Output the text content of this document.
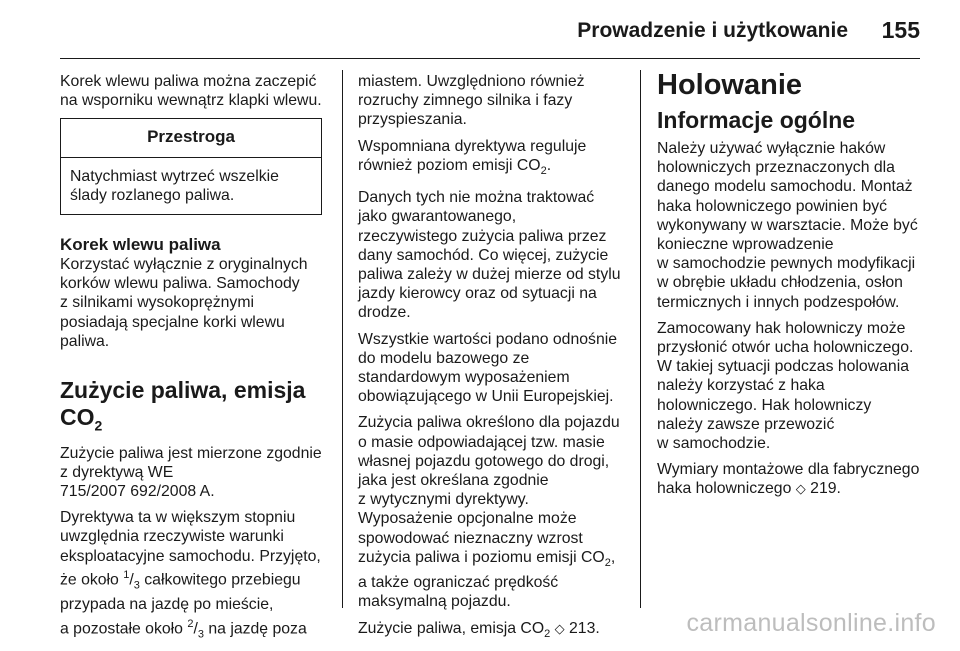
Prowadzenie i użytkowanie 155

Korek wlewu paliwa można zaczepić
na wsporniku wewnątrz klapki wlewu.

Przestroga
Natychmiast wytrzeć wszelkie
ślady rozlanego paliwa.
Korek wlewu paliwa

Korzystać wyłącznie z oryginalnych
korków wlewu paliwa. Samochody
z silnikami wysokoprężnymi
posiadają specjalne korki wlewu
paliwa.

Zużycie paliwa, emisja
$CO_2$

Zużycie paliwa jest mierzone zgodnie
z dyrektywą WE
715/2007 692/2008 A.

Dyrektywa ta w większym stopniu
uwzględnia rzeczywiste warunki
eksploatacyjne samochodu. Przyjęto,
że około $^1/_3$ całkowitego przebiegu
przypada na jazdę po mieście,
a pozostałe około $^2/_3$ na jazdę poza

miastem. Uwzględniono również
rozruchy zimnego silnika i fazy
przyspieszania.

Wspomniana dyrektywa reguluje
również poziom emisji $CO_2$.

Danych tych nie można traktować
jako gwarantowanego,
rzeczywistego zużycia paliwa przez
dany samochód. Co więcej, zużycie
paliwa zależy w dużej mierze od stylu
jazdy kierowcy oraz od sytuacji na
drodze.

Wszystkie wartości podano odnośnie
do modelu bazowego ze
standardowym wyposażeniem
obowiązującego w Unii Europejskiej.

Zużycia paliwa określono dla pojazdu
o masie odpowiadającej tzw. masie
własnej pojazdu gotowego do drogi,
jaka jest określana zgodnie
z wytycznymi dyrektywy.
Wyposażenie opcjonalne może
spowodować nieznaczny wzrost
zużycia paliwa i poziomu emisji $CO_2$,
a także ograniczać prędkość
maksymalną pojazdu.

Zużycie paliwa, emisja $CO_2$ ◇ 213.

Holowanie
Informacje ogólne

Należy używać wyłącznie haków
holowniczych przeznaczonych dla
danego modelu samochodu. Montaż
haka holowniczego powinien być
wykonywany w warsztacie. Może być
konieczne wprowadzenie
w samochodzie pewnych modyfikacji
w obrębie układu chłodzenia, osłon
termicznych i innych podzespołów.

Zamocowany hak holowniczy może
przysłonić otwór ucha holowniczego.
W takiej sytuacji podczas holowania
należy korzystać z haka
holowniczego. Hak holowniczy
należy zawsze przewozić
w samochodzie.

Wymiary montażowe dla fabrycznego
haka holowniczego ◇ 219.

carmanualsonline.info
